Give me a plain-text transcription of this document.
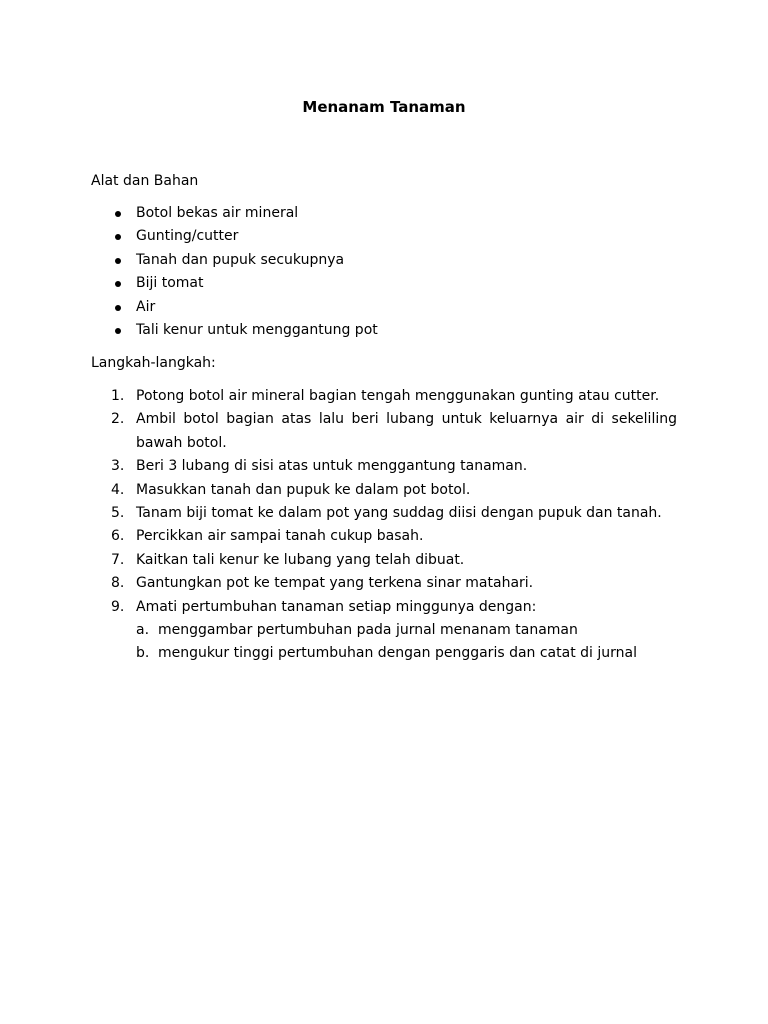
Menanam Tanaman
Alat dan Bahan
Botol bekas air mineral
Gunting/cutter
Tanah dan pupuk secukupnya
Biji tomat
Air
Tali kenur untuk menggantung pot
Langkah-langkah:
1. Potong botol air mineral bagian tengah menggunakan gunting atau cutter.
2. Ambil botol bagian atas lalu beri lubang untuk keluarnya air di sekeliling bawah botol.
3. Beri 3 lubang di sisi atas untuk menggantung tanaman.
4. Masukkan tanah dan pupuk ke dalam pot botol.
5. Tanam biji tomat ke dalam pot yang suddag diisi dengan pupuk dan tanah.
6. Percikkan air sampai tanah cukup basah.
7. Kaitkan tali kenur ke lubang yang telah dibuat.
8. Gantungkan pot ke tempat yang terkena sinar matahari.
9. Amati pertumbuhan tanaman setiap minggunya dengan:
a. menggambar pertumbuhan pada jurnal menanam tanaman
b. mengukur tinggi pertumbuhan dengan penggaris dan catat di jurnal
